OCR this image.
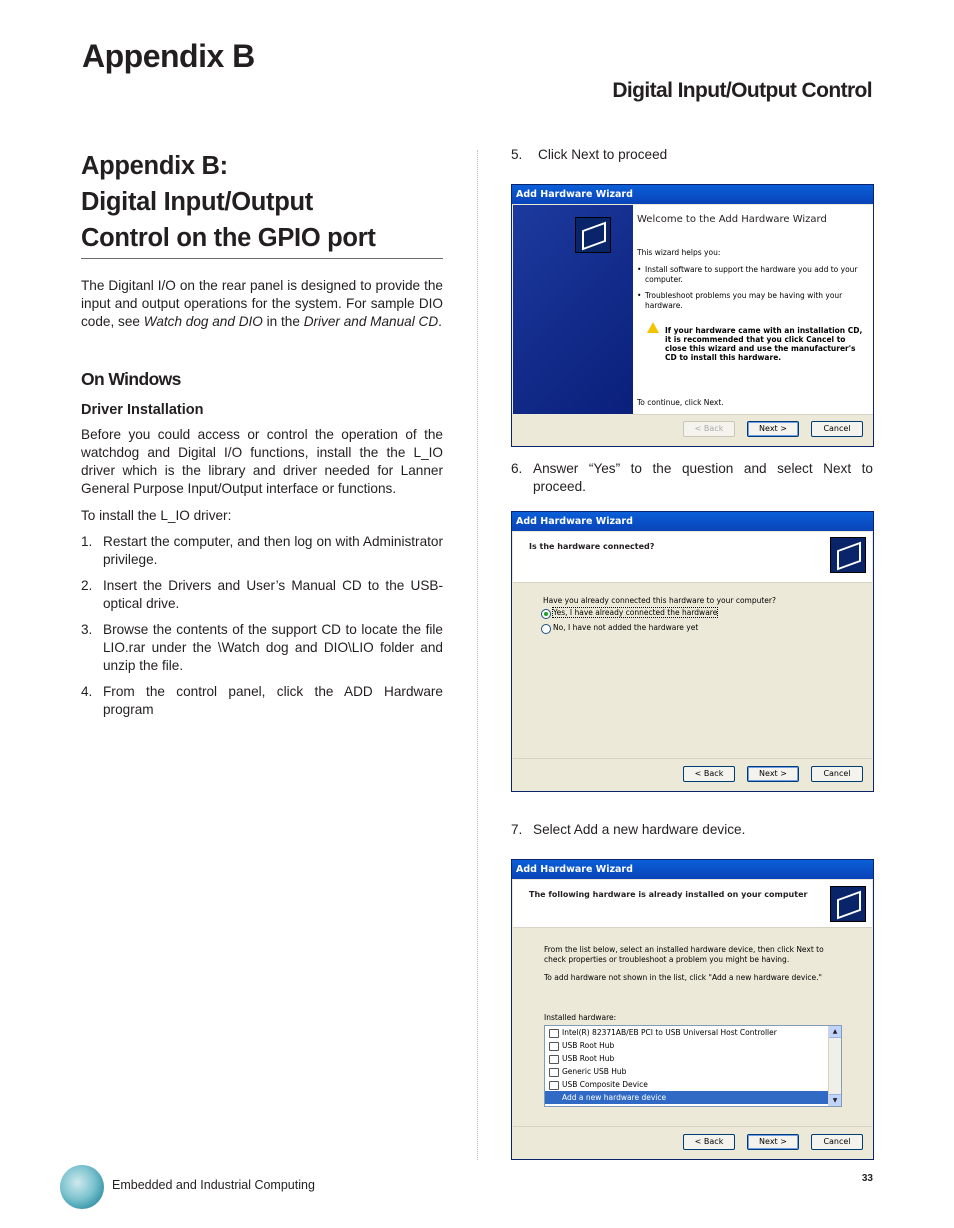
Appendix B
Digital Input/Output Control
Appendix B:
Digital Input/Output
Control on the GPIO port

The Digitanl I/O on the rear panel is designed to provide the input and output operations for the system. For sample DIO code, see Watch dog and DIO in the Driver and Manual CD.

On Windows
Driver Installation

Before you could access or control the operation of the watchdog and Digital I/O functions, install the the L_IO driver which is the library and driver needed for Lanner General Purpose Input/Output interface or functions.

To install the L_IO driver:

1. Restart the computer, and then log on with Administrator privilege.
2. Insert the Drivers and User’s Manual CD to the USB-optical drive.
3. Browse the contents of the support CD to locate the file LIO.rar under the \Watch dog and DIO\LIO folder and unzip the file.
4. From the control panel, click the ADD Hardware program
5.	Click Next to proceed
Add Hardware Wizard
Welcome to the Add Hardware Wizard
This wizard helps you:
• Install software to support the hardware you add to your computer.
• Troubleshoot problems you may be having with your hardware.
If your hardware came with an installation CD, it is recommended that you click Cancel to close this wizard and use the manufacturer's CD to install this hardware.
To continue, click Next.
< Back	Next >	Cancel
6. Answer “Yes” to the question and select Next to proceed.
Add Hardware Wizard
Is the hardware connected?
Have you already connected this hardware to your computer?
Yes, I have already connected the hardware
No, I have not added the hardware yet
< Back	Next >	Cancel
7. Select Add a new hardware device.
Add Hardware Wizard
The following hardware is already installed on your computer
From the list below, select an installed hardware device, then click Next to check properties or troubleshoot a problem you might be having.
To add hardware not shown in the list, click "Add a new hardware device."
Installed hardware:
Intel(R) 82371AB/EB PCI to USB Universal Host Controller
USB Root Hub
USB Root Hub
Generic USB Hub
USB Composite Device
Add a new hardware device
▲
▼
< Back	Next >	Cancel
Embedded and Industrial Computing	33
